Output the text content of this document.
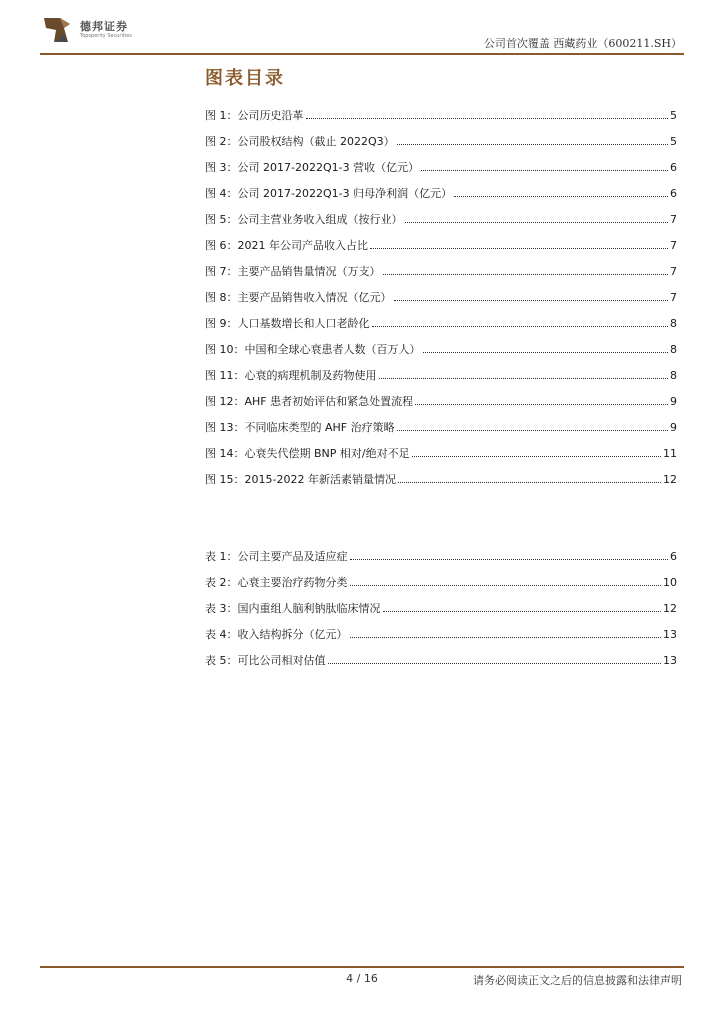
德邦证券
Topsperity Securities
公司首次覆盖 西藏药业（600211.SH）
图表目录
图 1：公司历史沿革	5
图 2：公司股权结构（截止 2022Q3）	5
图 3：公司 2017-2022Q1-3 营收（亿元）	6
图 4：公司 2017-2022Q1-3 归母净利润（亿元）	6
图 5：公司主营业务收入组成（按行业）	7
图 6：2021 年公司产品收入占比	7
图 7：主要产品销售量情况（万支）	7
图 8：主要产品销售收入情况（亿元）	7
图 9：人口基数增长和人口老龄化	8
图 10：中国和全球心衰患者人数（百万人）	8
图 11：心衰的病理机制及药物使用	8
图 12：AHF 患者初始评估和紧急处置流程	9
图 13：不同临床类型的 AHF 治疗策略	9
图 14：心衰失代偿期 BNP 相对/绝对不足	11
图 15：2015-2022 年新活素销量情况	12
表 1：公司主要产品及适应症	6
表 2：心衰主要治疗药物分类	10
表 3：国内重组人脑利钠肽临床情况	12
表 4：收入结构拆分（亿元）	13
表 5：可比公司相对估值	13
4 / 16	请务必阅读正文之后的信息披露和法律声明
